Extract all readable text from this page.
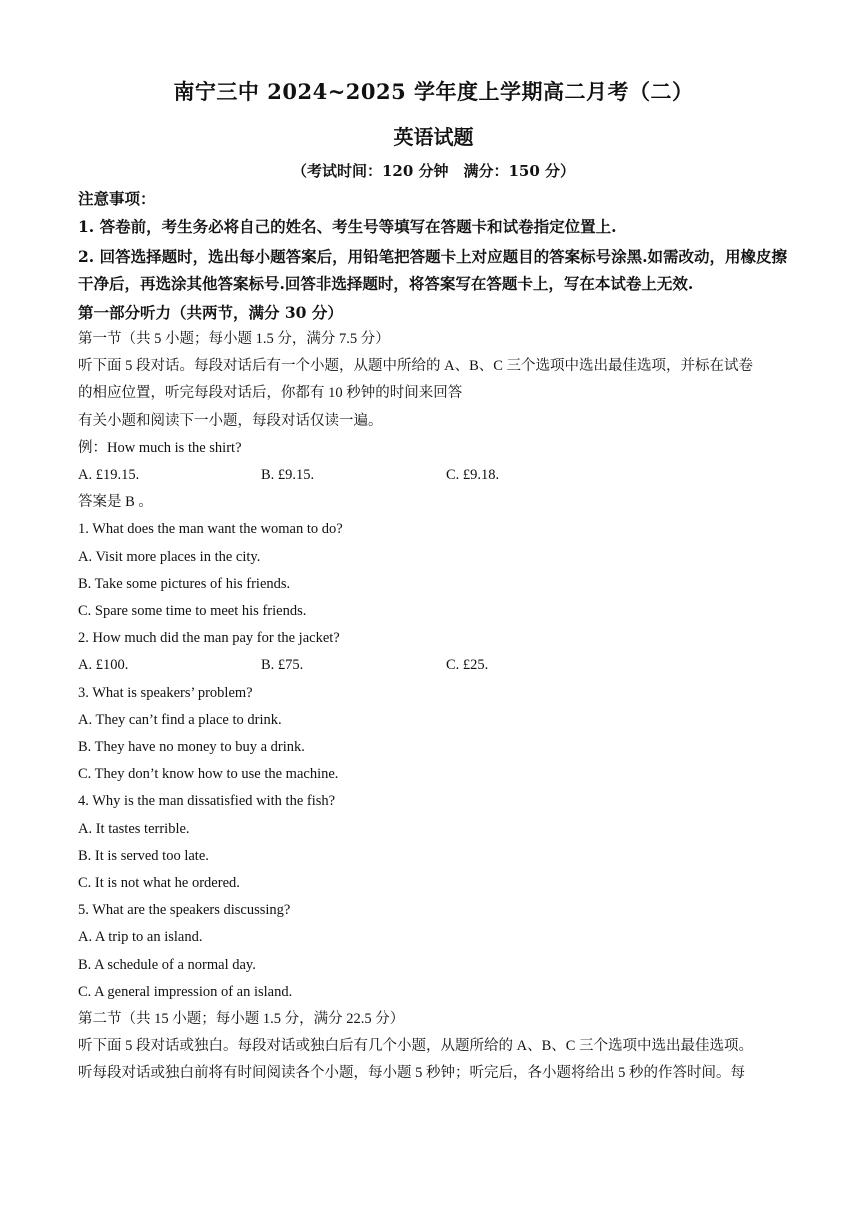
南宁三中 2024~2025 学年度上学期高二月考（二）
英语试题
（考试时间：120 分钟　满分：150 分）
注意事项：
1. 答卷前，考生务必将自己的姓名、考生号等填写在答题卡和试卷指定位置上.
2. 回答选择题时，选出每小题答案后，用铅笔把答题卡上对应题目的答案标号涂黑.如需改动，用橡皮擦干净后，再选涂其他答案标号.回答非选择题时，将答案写在答题卡上，写在本试卷上无效.
第一部分听力（共两节，满分 30 分）
第一节（共 5 小题；每小题 1.5 分，满分 7.5 分）
听下面 5 段对话。每段对话后有一个小题，从题中所给的 A、B、C 三个选项中选出最佳选项，并标在试卷
的相应位置，听完每段对话后，你都有 10 秒钟的时间来回答
有关小题和阅读下一小题，每段对话仅读一遍。
例：How much is the shirt?
A. £19.15.	B. £9.15.	C. £9.18.
答案是 B 。
1. What does the man want the woman to do?
A. Visit more places in the city.
B. Take some pictures of his friends.
C. Spare some time to meet his friends.
2. How much did the man pay for the jacket?
A. £100.	B. £75.	C. £25.
3. What is speakers’ problem?
A. They can’t find a place to drink.
B. They have no money to buy a drink.
C. They don’t know how to use the machine.
4. Why is the man dissatisfied with the fish?
A. It tastes terrible.
B. It is served too late.
C. It is not what he ordered.
5. What are the speakers discussing?
A. A trip to an island.
B. A schedule of a normal day.
C. A general impression of an island.
第二节（共 15 小题；每小题 1.5 分，满分 22.5 分）
听下面 5 段对话或独白。每段对话或独白后有几个小题，从题所给的 A、B、C 三个选项中选出最佳选项。
听每段对话或独白前将有时间阅读各个小题，每小题 5 秒钟；听完后，各小题将给出 5 秒的作答时间。每
